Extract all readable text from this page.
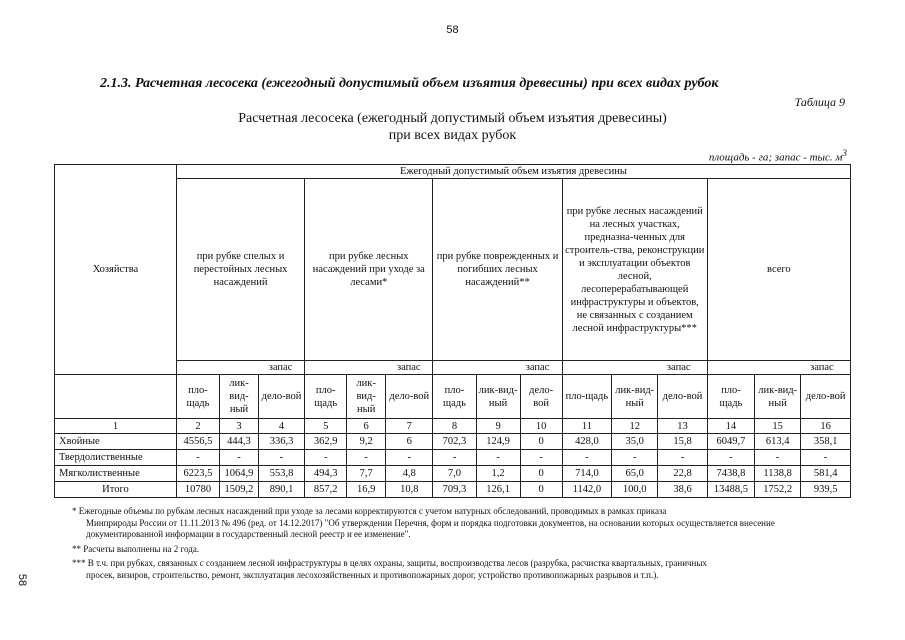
58
2.1.3. Расчетная лесосека (ежегодный допустимый объем изъятия древесины) при всех видах рубок
Таблица 9
Расчетная лесосека (ежегодный допустимый объем изъятия древесины)
при всех видах рубок
площадь - га; запас - тыс. $м^3$
Хозяйства	Ежегодный допустимый объем изъятия древесины														
	при рубке спелых и перестойных лесных насаждений			при рубке лесных насаждений при уходе за лесами*			при рубке поврежденных и погибших лесных насаждений**			при рубке лесных насаждений на лесных участках, предназна-ченных для строитель-ства, реконструкции и эксплуатации объектов лесной, лесоперерабатывающей инфраструктуры и объектов, не связанных с созданием лесной инфраструктуры***			всего		
	запас			запас			запас			запас			запас		
	пло-щадь	лик-вид-ный	дело-вой	пло-щадь	лик-вид-ный	дело-вой	пло-щадь	лик-вид-ный	дело-вой	пло-щадь	лик-вид-ный	дело-вой	пло-щадь	лик-вид-ный	дело-вой
1	2	3	4	5	6	7	8	9	10	11	12	13	14	15	16
Хвойные	4556,5	444,3	336,3	362,9	9,2	6	702,3	124,9	0	428,0	35,0	15,8	6049,7	613,4	358,1
Твердолиственные	-	-	-	-	-	-	-	-	-	-	-	-	-	-	-
Мягколиственные	6223,5	1064,9	553,8	494,3	7,7	4,8	7,0	1,2	0	714,0	65,0	22,8	7438,8	1138,8	581,4
Итого	10780	1509,2	890,1	857,2	16,9	10,8	709,3	126,1	0	1142,0	100,0	38,6	13488,5	1752,2	939,5
* Ежегодные объемы по рубкам лесных насаждений при уходе за лесами корректируются с учетом натурных обследований, проводимых в рамках приказа
Минприроды России от 11.11.2013 № 496 (ред. от 14.12.2017) "Об утверждении Перечня, форм и порядка подготовки документов, на основании которых осуществляется внесение документированной информации в государственный лесной реестр и ее изменение".
** Расчеты выполнены на 2 года.
*** В т.ч. при рубках, связанных с созданием лесной инфраструктуры в целях охраны, защиты, воспроизводства лесов (разрубка, расчистка квартальных, граничных
просек, визиров, строительство, ремонт, эксплуатация лесохозяйственных и противопожарных дорог, устройство противопожарных разрывов и т.п.).
58
